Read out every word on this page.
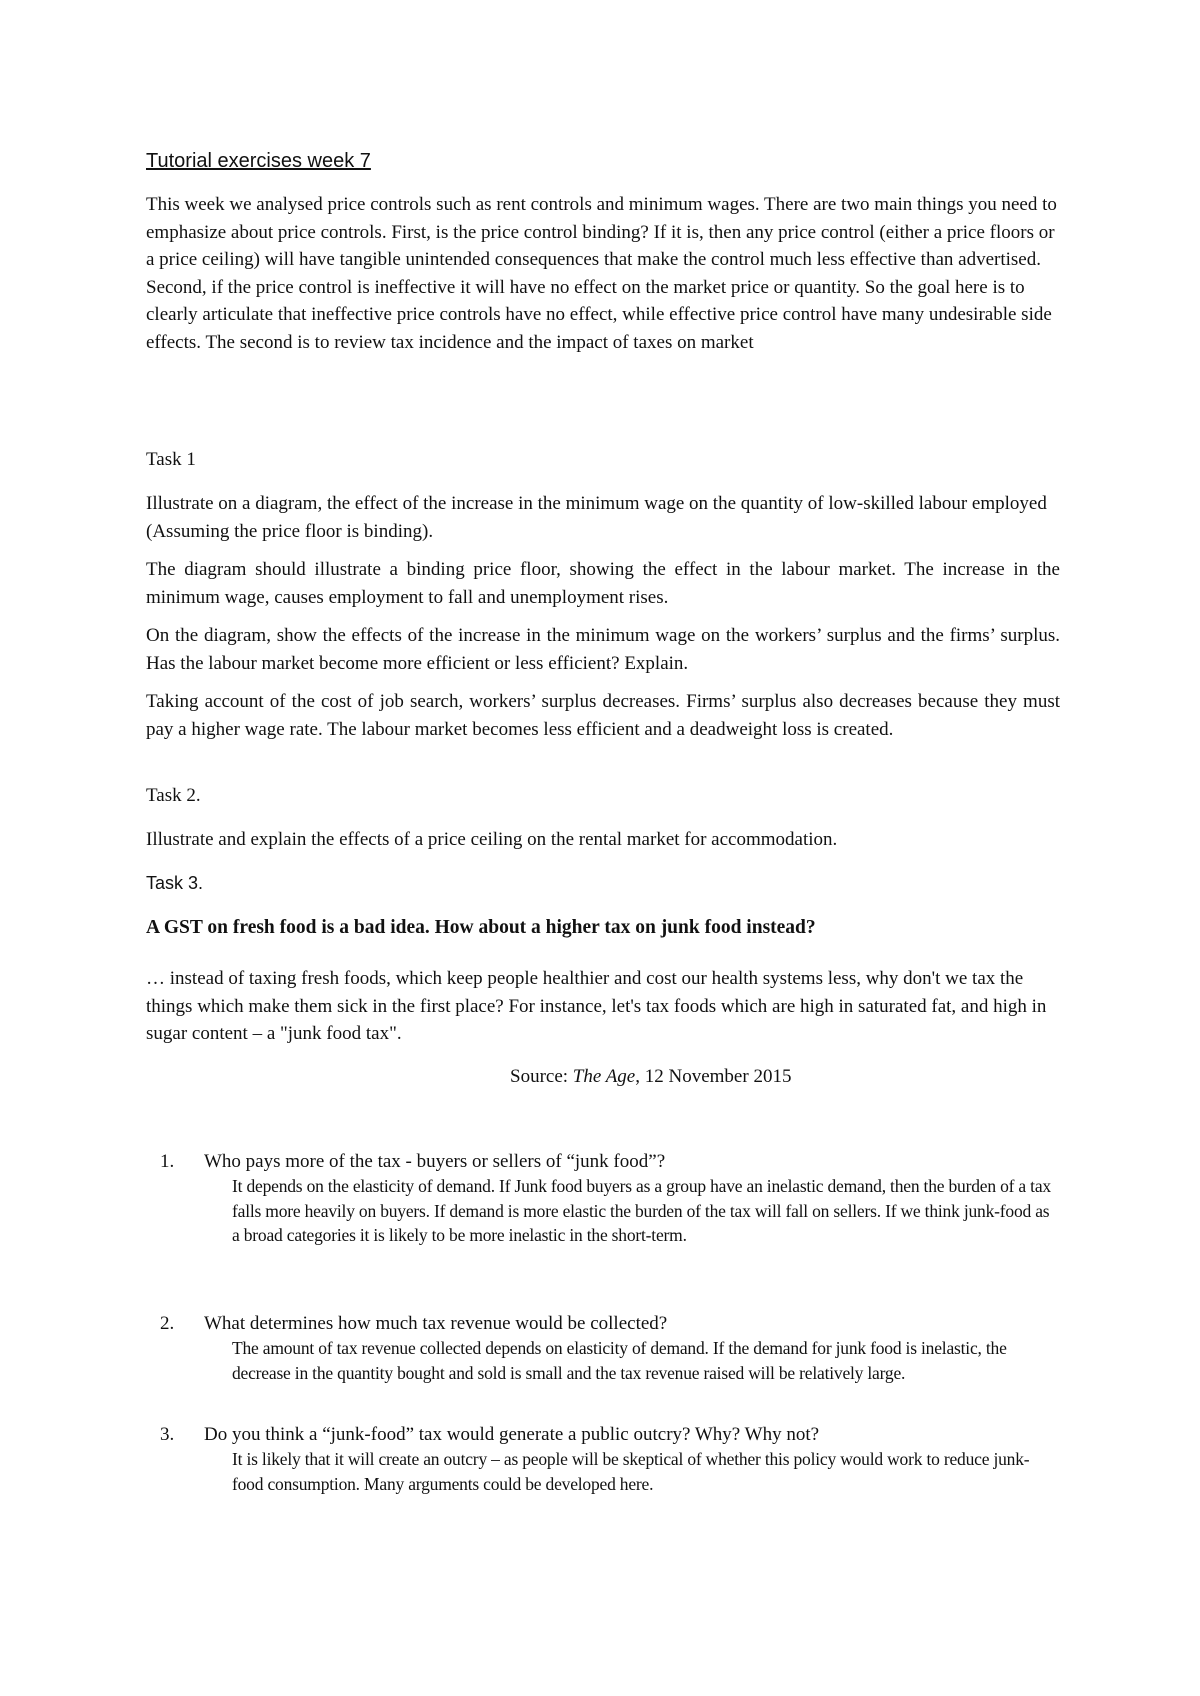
Tutorial exercises week 7

This week we analysed price controls such as rent controls and minimum wages. There are two main things you need to emphasize about price controls. First, is the price control binding? If it is, then any price control (either a price floors or a price ceiling) will have tangible unintended consequences that make the control much less effective than advertised. Second, if the price control is ineffective it will have no effect on the market price or quantity. So the goal here is to clearly articulate that ineffective price controls have no effect, while effective price control have many undesirable side effects. The second is to review tax incidence and the impact of taxes on market

Task 1

Illustrate on a diagram, the effect of the increase in the minimum wage on the quantity of low-skilled labour employed (Assuming the price floor is binding).

The diagram should illustrate a binding price floor, showing the effect in the labour market. The increase in the minimum wage, causes employment to fall and unemployment rises.

On the diagram, show the effects of the increase in the minimum wage on the workers’ surplus and the firms’ surplus. Has the labour market become more efficient or less efficient? Explain.

Taking account of the cost of job search, workers’ surplus decreases. Firms’ surplus also decreases because they must pay a higher wage rate. The labour market becomes less efficient and a deadweight loss is created.

Task 2.

Illustrate and explain the effects of a price ceiling on the rental market for accommodation.

Task 3.
A GST on fresh food is a bad idea. How about a higher tax on junk food instead?

… instead of taxing fresh foods, which keep people healthier and cost our health systems less, why don't we tax the things which make them sick in the first place? For instance, let's tax foods which are high in saturated fat, and high in sugar content – a "junk food tax".

Source: The Age, 12 November 2015
1.	Who pays more of the tax - buyers or sellers of “junk food”?

It depends on the elasticity of demand. If Junk food buyers as a group have an inelastic demand, then the burden of a tax falls more heavily on buyers. If demand is more elastic the burden of the tax will fall on sellers. If we think junk-food as a broad categories it is likely to be more inelastic in the short-term.

2.	What determines how much tax revenue would be collected?

The amount of tax revenue collected depends on elasticity of demand. If the demand for junk food is inelastic, the decrease in the quantity bought and sold is small and the tax revenue raised will be relatively large.

3.	Do you think a “junk-food” tax would generate a public outcry? Why? Why not?

It is likely that it will create an outcry – as people will be skeptical of whether this policy would work to reduce junk-food consumption. Many arguments could be developed here.
